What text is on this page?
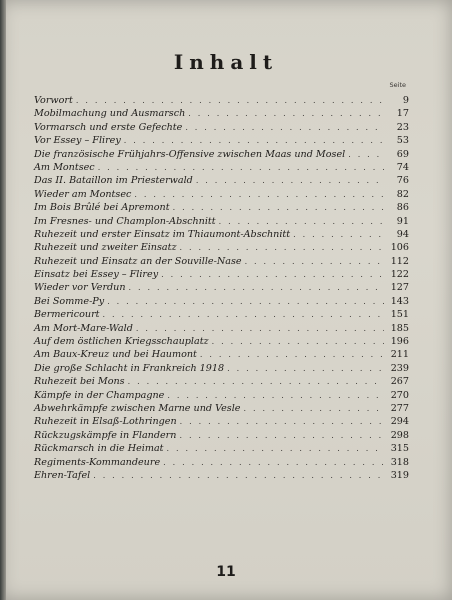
Inhalt
Seite
Vorwort . . .	9
Mobilmachung und Ausmarsch . . .	17
Vormarsch und erste Gefechte . . .	23
Vor Essey – Flirey . . .	53
Die französische Frühjahrs-Offensive zwischen Maas und Mosel . . .	69
Am Montsec . . .	74
Das II. Bataillon im Priesterwald . . .	76
Wieder am Montsec . . .	82
Im Bois Brûlé bei Apremont . . .	86
Im Fresnes- und Champlon-Abschnitt . . .	91
Ruhezeit und erster Einsatz im Thiaumont-Abschnitt . . .	94
Ruhezeit und zweiter Einsatz . . .	106
Ruhezeit und Einsatz an der Souville-Nase . . .	112
Einsatz bei Essey – Flirey . . .	122
Wieder vor Verdun . . .	127
Bei Somme-Py . . .	143
Bermericourt . . .	151
Am Mort-Mare-Wald . . .	185
Auf dem östlichen Kriegsschauplatz . . .	196
Am Baux-Kreuz und bei Haumont . . .	211
Die große Schlacht in Frankreich 1918 . . .	239
Ruhezeit bei Mons . . .	267
Kämpfe in der Champagne . . .	270
Abwehrkämpfe zwischen Marne und Vesle . . .	277
Ruhezeit in Elsaß-Lothringen . . .	294
Rückzugskämpfe in Flandern . . .	298
Rückmarsch in die Heimat . . .	315
Regiments-Kommandeure . . .	318
Ehren-Tafel . . .	319
11
